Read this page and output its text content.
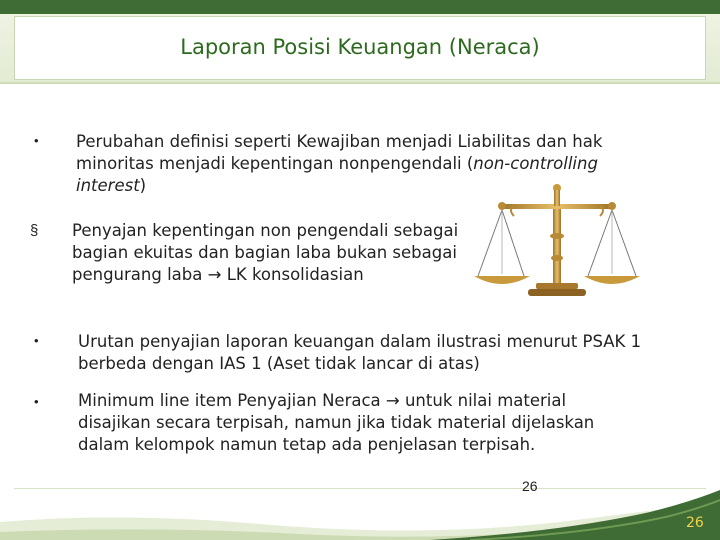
Laporan Posisi Keuangan (Neraca)
• Perubahan definisi seperti Kewajiban menjadi Liabilitas dan hak minoritas menjadi kepentingan nonpengendali (non-controlling interest)
§ Penyajan kepentingan non pengendali sebagai
bagian ekuitas dan bagian laba bukan sebagai
pengurang laba → LK konsolidasian
• Urutan penyajian laporan keuangan dalam ilustrasi menurut PSAK 1 berbeda dengan IAS 1 (Aset tidak lancar di atas)
• Minimum line item Penyajian Neraca → untuk nilai material disajikan secara terpisah, namun jika tidak material dijelaskan dalam kelompok namun tetap ada penjelasan terpisah.
26
26
